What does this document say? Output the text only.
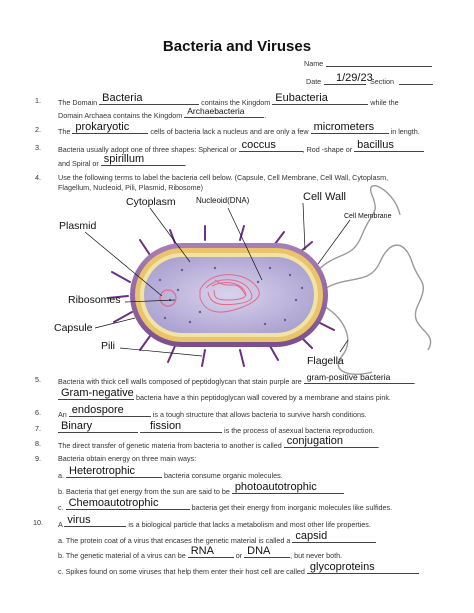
Bacteria and Viruses
Name
Date 1/29/23
Section
1. The Domain Bacteria	contains the Kingdom Eubacteria	while the
Domain Archaea contains the Kingdom Archaebacteria	.
2. The prokaryotic	cells of bacteria lack a nucleus and are only a few micrometers in length.
3. Bacteria usually adopt one of three shapes: Spherical or coccus	, Rod -shape or bacillus
and Spiral or spirillum	.
4. Use the following terms to label the bacteria cell below. (Capsule, Cell Membrane, Cell Wall, Cytoplasm,
Flagellum, Nucleoid, Pili, Plasmid, Ribosome)
Cytoplasm	Nucleoid(DNA)	Cell Wall
Cell Membrane
Plasmid
Ribosomes
Capsule
Pili
Flagella
5. Bacteria with thick cell walls composed of peptidoglycan that stain purple are gram-positive bacteria	.
Gram-negative bacteria have a thin peptidoglycan wall covered by a membrane and stains pink.
6. An endospore	is a tough structure that allows bacteria to survive harsh conditions.
7. Binary
	fission	is the process of asexual bacteria reproduction.
8. The direct transfer of genetic materia from bacteria to another is called conjugation	.
9. Bacteria obtain energy on three main ways:
a. Heterotrophic	bacteria consume organic molecules.
b. Bacteria that get energy from the sun are said to be photoautotrophic
c. Chemoautotrophic	bacteria get their energy from inorganic molecules like sulfides.
10. A virus	is a biological particle that lacks a metabolism and most other life properties.
a. The protein coat of a virus that encases the genetic material is called a capsid
b. The genetic material of a virus can be RNA	or DNA	, but never both.
c. Spikes found on some viruses that help them enter their host cell are called glycoproteins
